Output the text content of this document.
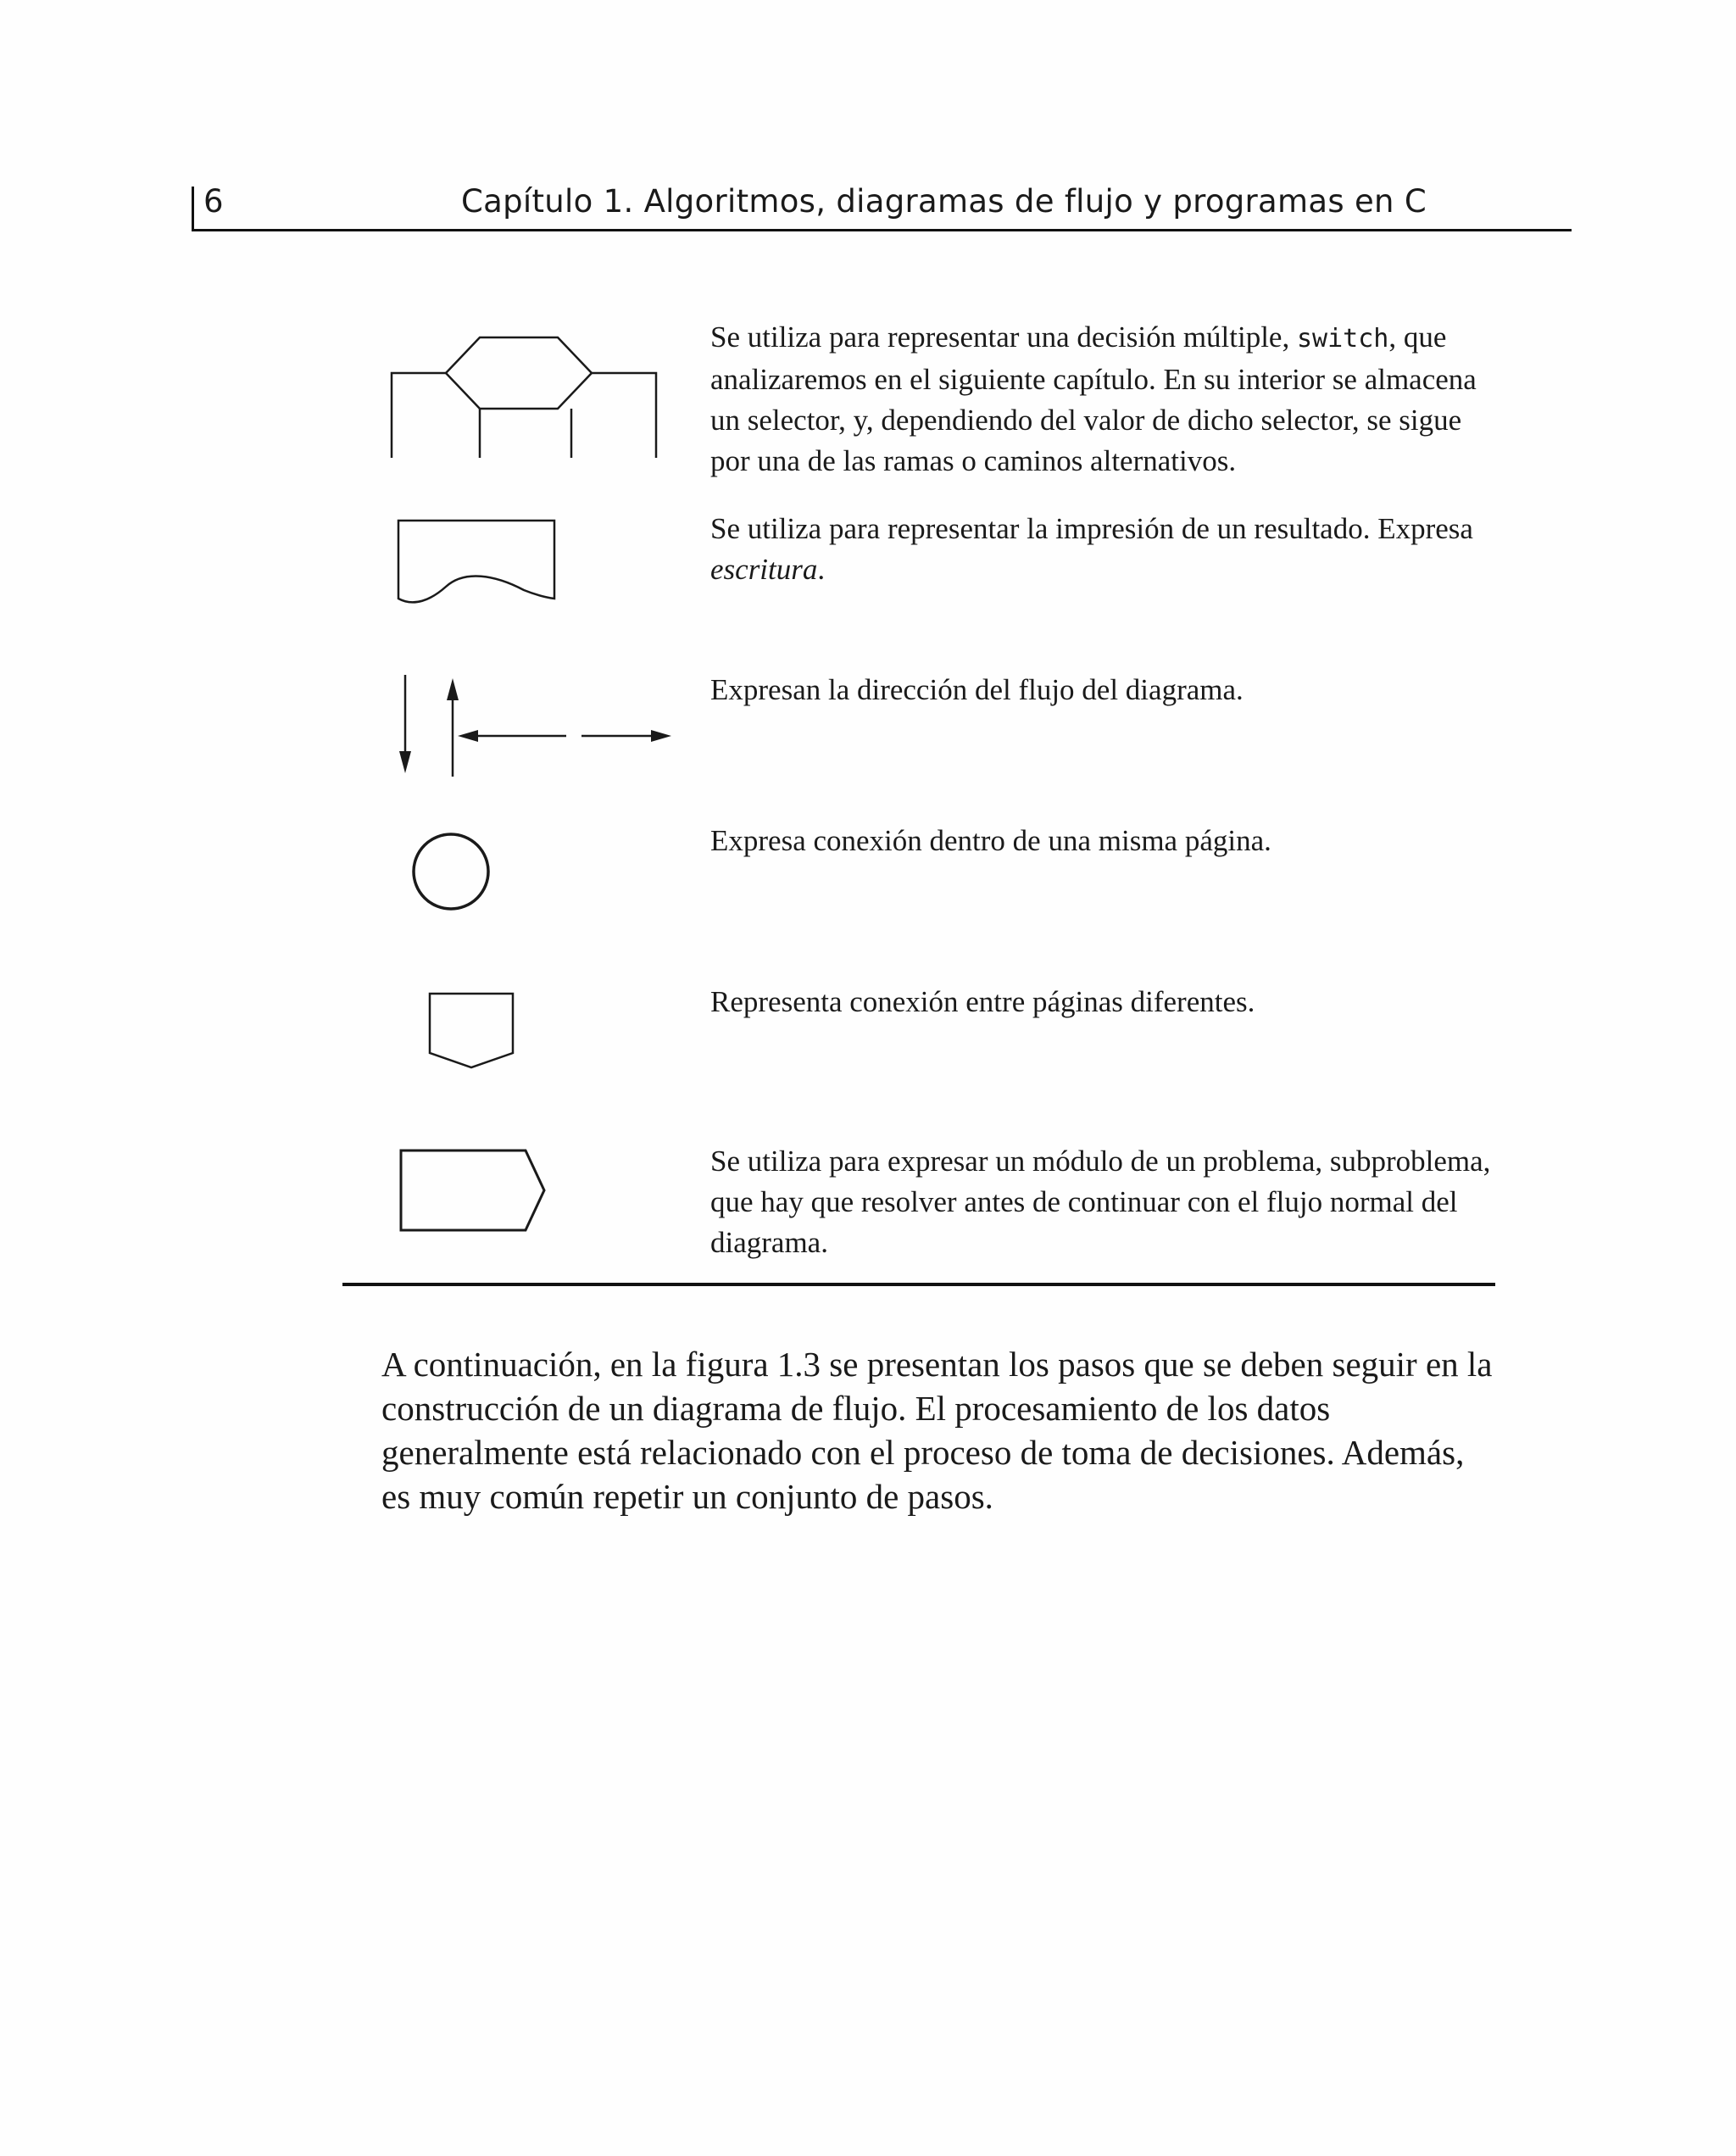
6	Capítulo 1. Algoritmos, diagramas de flujo y programas en C

Se utiliza para representar una decisión múltiple, switch, que analizaremos en el siguiente capítulo. En su interior se almacena un selector, y, dependiendo del valor de dicho selector, se sigue por una de las ramas o caminos alternativos.

Se utiliza para representar la impresión de un resultado. Expresa escritura.

Expresan la dirección del flujo del diagrama.

Expresa conexión dentro de una misma página.

Representa conexión entre páginas diferentes.

Se utiliza para expresar un módulo de un problema, subproblema, que hay que resolver antes de continuar con el flujo normal del diagrama.

A continuación, en la figura 1.3 se presentan los pasos que se deben seguir en la construcción de un diagrama de flujo. El procesamiento de los datos generalmente está relacionado con el proceso de toma de decisiones. Además, es muy común repetir un conjunto de pasos.
